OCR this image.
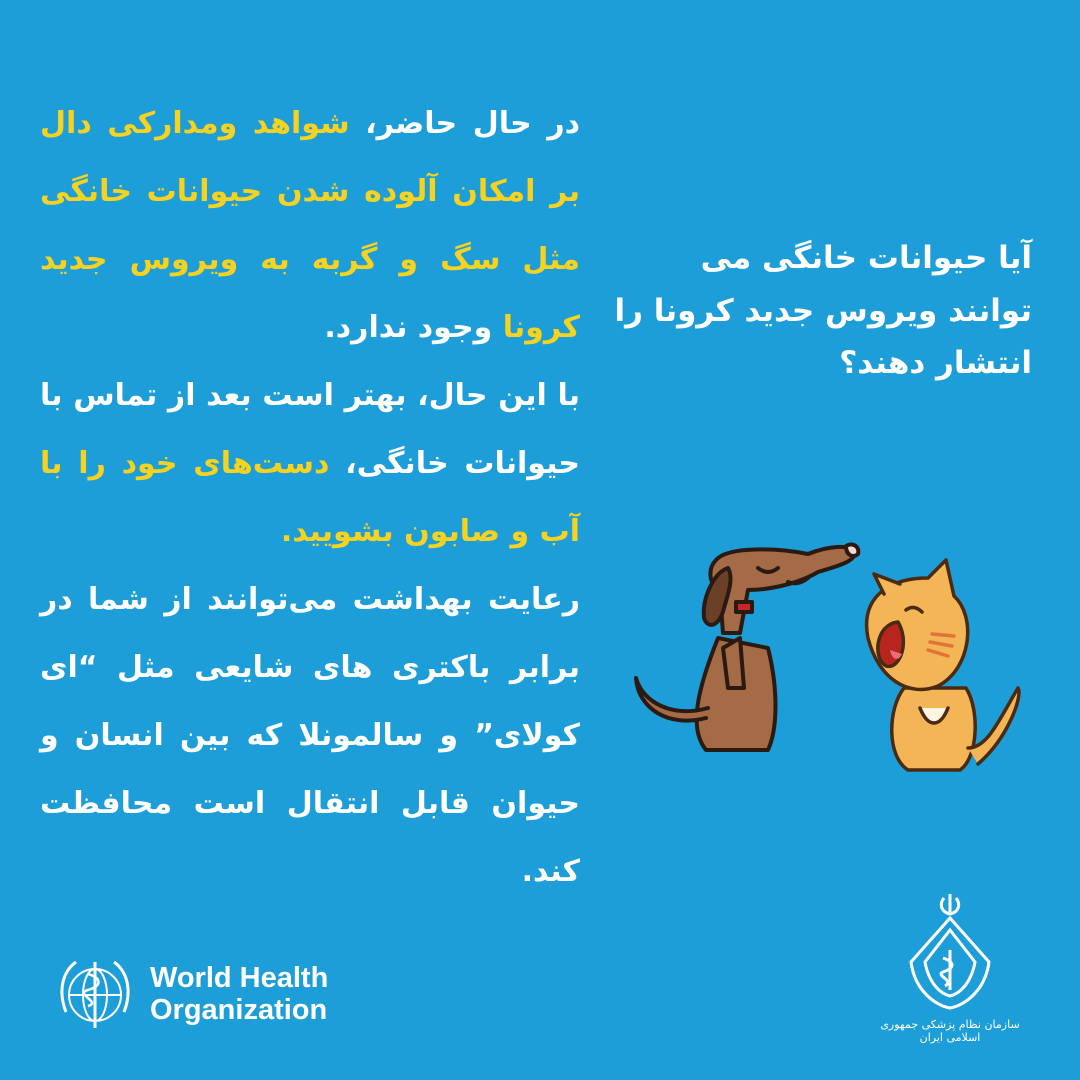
آیا حیوانات خانگی می توانند ویروس جدید کرونا را انتشار دهند؟

در حال حاضر، شواهد ومدارکی دال بر امکان آلوده شدن حیوانات خانگی مثل سگ و گربه به ویروس جدید کرونا وجود ندارد.

با این حال، بهتر است بعد از تماس با حیوانات خانگی، دست‌های خود را با آب و صابون بشویید.

رعایت بهداشت می‌توانند از شما در برابر باکتری های شایعی مثل “ای کولای” و سالمونلا که بین انسان و حیوان قابل انتقال است محافظت کند.

World Health
Organization	سازمان نظام پزشکی جمهوری اسلامی ایران
